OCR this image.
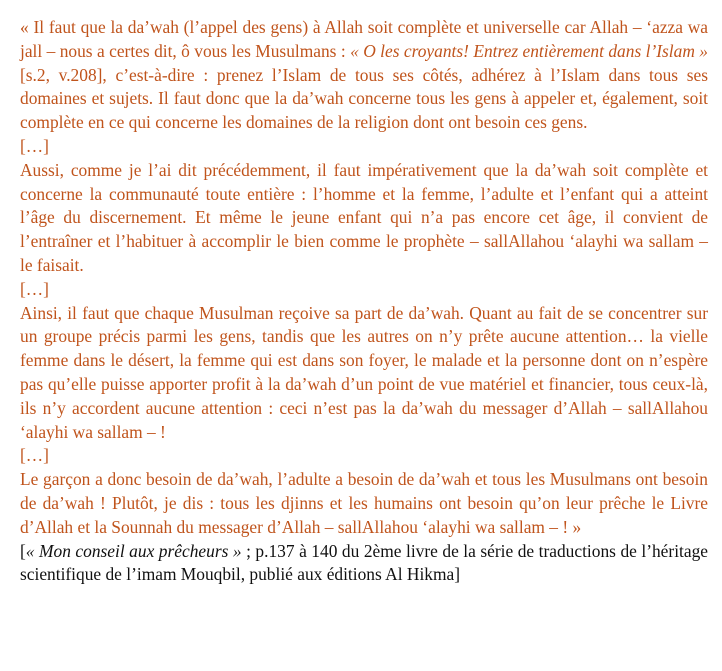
« Il faut que la da’wah (l’appel des gens) à Allah soit complète et universelle car Allah – ‘azza wa jall – nous a certes dit, ô vous les Musulmans : « O les croyants! Entrez entièrement dans l’Islam » [s.2, v.208], c’est-à-dire : prenez l’Islam de tous ses côtés, adhérez à l’Islam dans tous ses domaines et sujets. Il faut donc que la da’wah concerne tous les gens à appeler et, également, soit complète en ce qui concerne les domaines de la religion dont ont besoin ces gens.

[…]

Aussi, comme je l’ai dit précédemment, il faut impérativement que la da’wah soit complète et concerne la communauté toute entière : l’homme et la femme, l’adulte et l’enfant qui a atteint l’âge du discernement. Et même le jeune enfant qui n’a pas encore cet âge, il convient de l’entraîner et l’habituer à accomplir le bien comme le prophète – sallAllahou ‘alayhi wa sallam – le faisait.

[…]

Ainsi, il faut que chaque Musulman reçoive sa part de da’wah. Quant au fait de se concentrer sur un groupe précis parmi les gens, tandis que les autres on n’y prête aucune attention… la vielle femme dans le désert, la femme qui est dans son foyer, le malade et la personne dont on n’espère pas qu’elle puisse apporter profit à la da’wah d’un point de vue matériel et financier, tous ceux-là, ils n’y accordent aucune attention : ceci n’est pas la da’wah du messager d’Allah – sallAllahou ‘alayhi wa sallam – !

[…]

Le garçon a donc besoin de da’wah, l’adulte a besoin de da’wah et tous les Musulmans ont besoin de da’wah ! Plutôt, je dis : tous les djinns et les humains ont besoin qu’on leur prêche le Livre d’Allah et la Sounnah du messager d’Allah – sallAllahou ‘alayhi wa sallam – ! »

[« Mon conseil aux prêcheurs » ; p.137 à 140 du 2ème livre de la série de traductions de l’héritage scientifique de l’imam Mouqbil, publié aux éditions Al Hikma]
